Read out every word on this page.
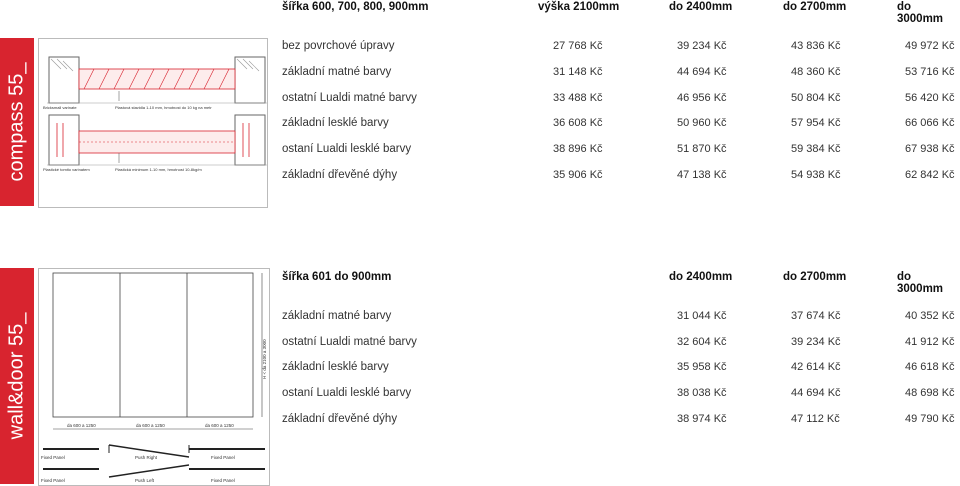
compass 55_	Bricksmall varinate	Plastová stavidla 1-10 mm, hmotnost do 10 kg na metr
Plastické tomito varinatem	Plastická minimum 1-10 mm, hmotnost 10-8kg/m
šířka 600, 700, 800, 900mm	výška 2100mm	do 2400mm	do 2700mm	do 3000mm
bez povrchové úpravy	27 768 Kč	39 234 Kč	43 836 Kč	49 972 Kč
základní matné barvy	31 148 Kč	44 694 Kč	48 360 Kč	53 716 Kč
ostatní Lualdi matné barvy	33 488 Kč	46 956 Kč	50 804 Kč	56 420 Kč
základní lesklé barvy	36 608 Kč	50 960 Kč	57 954 Kč	66 066 Kč
ostaní Lualdi lesklé barvy	38 896 Kč	51 870 Kč	59 384 Kč	67 938 Kč
základní dřevěné dýhy	35 906 Kč	47 138 Kč	54 938 Kč	62 842 Kč
wall&door 55_	H < da 2100 a 3000
da 600 a 1250	da 600 a 1250	da 600 a 1250
Fixed Panel	Push Right	Fixed Panel
Fixed Panel	Push Left	Fixed Panel
šířka 601 do 900mm	do 2400mm	do 2700mm	do 3000mm
základní matné barvy	31 044 Kč	37 674 Kč	40 352 Kč
ostatní Lualdi matné barvy	32 604 Kč	39 234 Kč	41 912 Kč
základní lesklé barvy	35 958 Kč	42 614 Kč	46 618 Kč
ostaní Lualdi lesklé barvy	38 038 Kč	44 694 Kč	48 698 Kč
základní dřevěné dýhy	38 974 Kč	47 112 Kč	49 790 Kč
